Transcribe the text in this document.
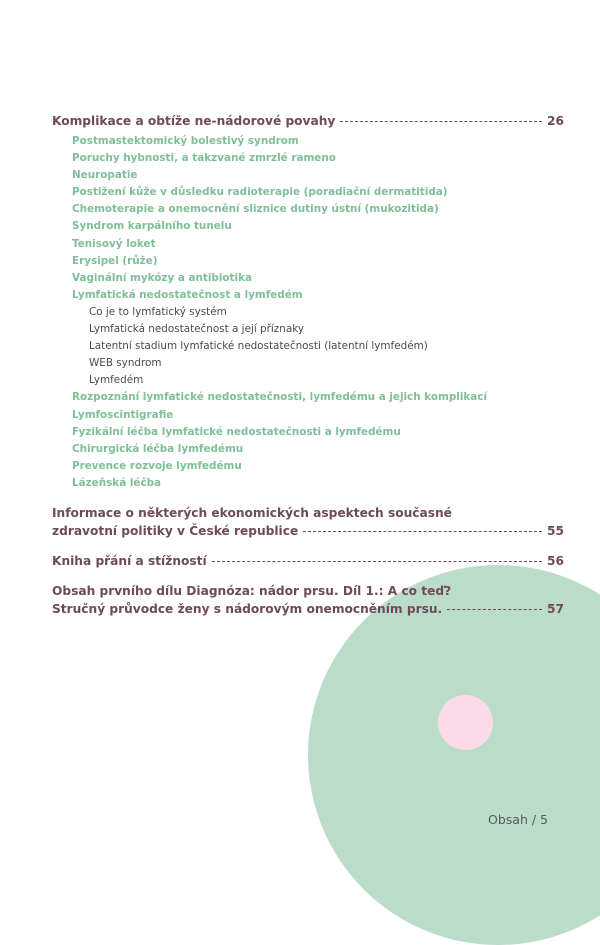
Komplikace a obtíže ne-nádorové povahy	26
Postmastektomický bolestivý syndrom
Poruchy hybnosti, a takzvané zmrzlé rameno
Neuropatie
Postižení kůže v důsledku radioterapie (poradiační dermatitida)
Chemoterapie a onemocnění sliznice dutiny ústní (mukozitida)
Syndrom karpálního tunelu
Tenisový loket
Erysipel (růže)
Vaginální mykózy a antibiotika
Lymfatická nedostatečnost a lymfedém
Co je to lymfatický systém
Lymfatická nedostatečnost a její příznaky
Latentní stadium lymfatické nedostatečnosti (latentní lymfedém)
WEB syndrom
Lymfedém
Rozpoznání lymfatické nedostatečnosti, lymfedému a jejich komplikací
Lymfoscintigrafie
Fyzikální léčba lymfatické nedostatečnosti a lymfedému
Chirurgická léčba lymfedému
Prevence rozvoje lymfedému
Lázeňská léčba
Informace o některých ekonomických aspektech současné
zdravotní politiky v České republice	55
Kniha přání a stížností	56
Obsah prvního dílu Diagnóza: nádor prsu. Díl 1.: A co teď?
Stručný průvodce ženy s nádorovým onemocněním prsu.	57
Obsah / 5
